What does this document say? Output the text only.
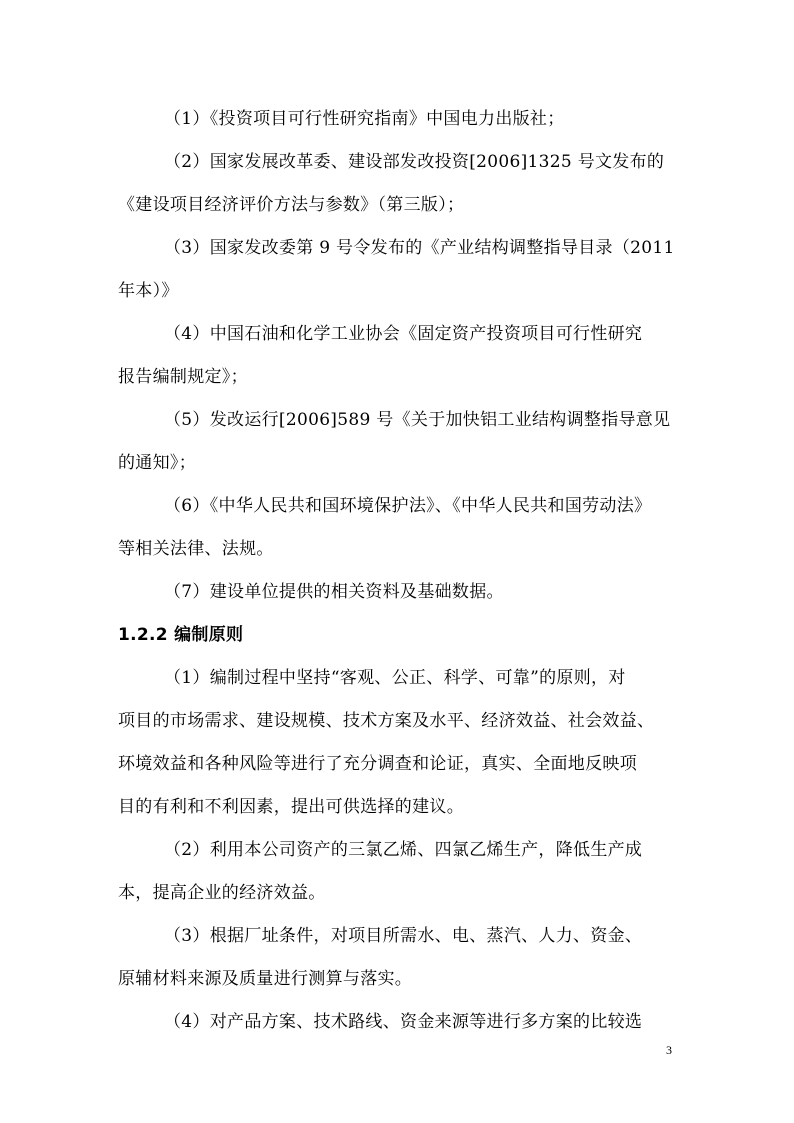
（1）《投资项目可行性研究指南》中国电力出版社；
（2）国家发展改革委、建设部发改投资[2006]1325 号文发布的
《建设项目经济评价方法与参数》（第三版）；
（3）国家发改委第 9 号令发布的《产业结构调整指导目录（2011
年本）》
（4）中国石油和化学工业协会《固定资产投资项目可行性研究
报告编制规定》；
（5）发改运行[2006]589 号《关于加快铝工业结构调整指导意见
的通知》；
（6）《中华人民共和国环境保护法》、《中华人民共和国劳动法》
等相关法律、法规。
（7）建设单位提供的相关资料及基础数据。
1.2.2 编制原则
（1）编制过程中坚持“客观、公正、科学、可靠”的原则，对
项目的市场需求、建设规模、技术方案及水平、经济效益、社会效益、
环境效益和各种风险等进行了充分调查和论证，真实、全面地反映项
目的有利和不利因素，提出可供选择的建议。
（2）利用本公司资产的三氯乙烯、四氯乙烯生产，降低生产成
本，提高企业的经济效益。
（3）根据厂址条件，对项目所需水、电、蒸汽、人力、资金、
原辅材料来源及质量进行测算与落实。
（4）对产品方案、技术路线、资金来源等进行多方案的比较选
3
